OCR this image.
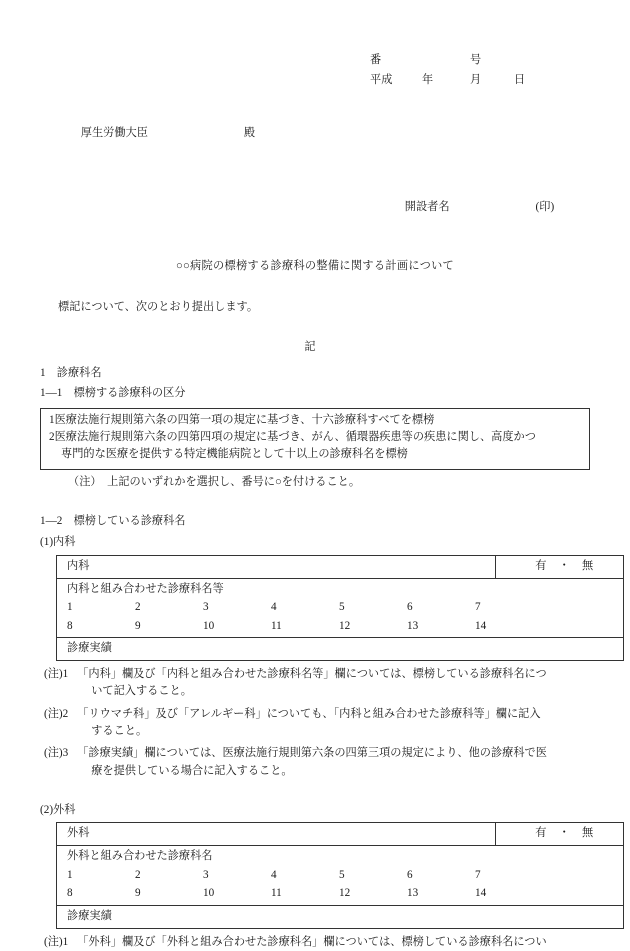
番	号
平成	年	月	日

厚生労働大臣	殿

開設者名	(印)

○○病院の標榜する診療科の整備に関する計画について
標記について、次のとおり提出します。
記
1　診療科名
1—1　標榜する診療科の区分
1医療法施行規則第六条の四第一項の規定に基づき、十六診療科すべてを標榜
2医療法施行規則第六条の四第四項の規定に基づき、がん、循環器疾患等の疾患に関し、高度かつ
専門的な医療を提供する特定機能病院として十以上の診療科名を標榜
（注）　上記のいずれかを選択し、番号に○を付けること。
1—2　標榜している診療科名
(1)内科
内科	有　・　無

内科と組み合わせた診療科名等
1	2	3	4	5	6	7
8	9	10	11	12	13	14

診療実績
(注)1 「内科」欄及び「内科と組み合わせた診療科名等」欄については、標榜している診療科名につ
いて記入すること。
(注)2 「リウマチ科」及び「アレルギー科」についても、「内科と組み合わせた診療科等」欄に記入
すること。
(注)3 「診療実績」欄については、医療法施行規則第六条の四第三項の規定により、他の診療科で医
療を提供している場合に記入すること。
(2)外科
外科	有　・　無

外科と組み合わせた診療科名
1	2	3	4	5	6	7
8	9	10	11	12	13	14

診療実績
(注)1 「外科」欄及び「外科と組み合わせた診療科名」欄については、標榜している診療科名につい
